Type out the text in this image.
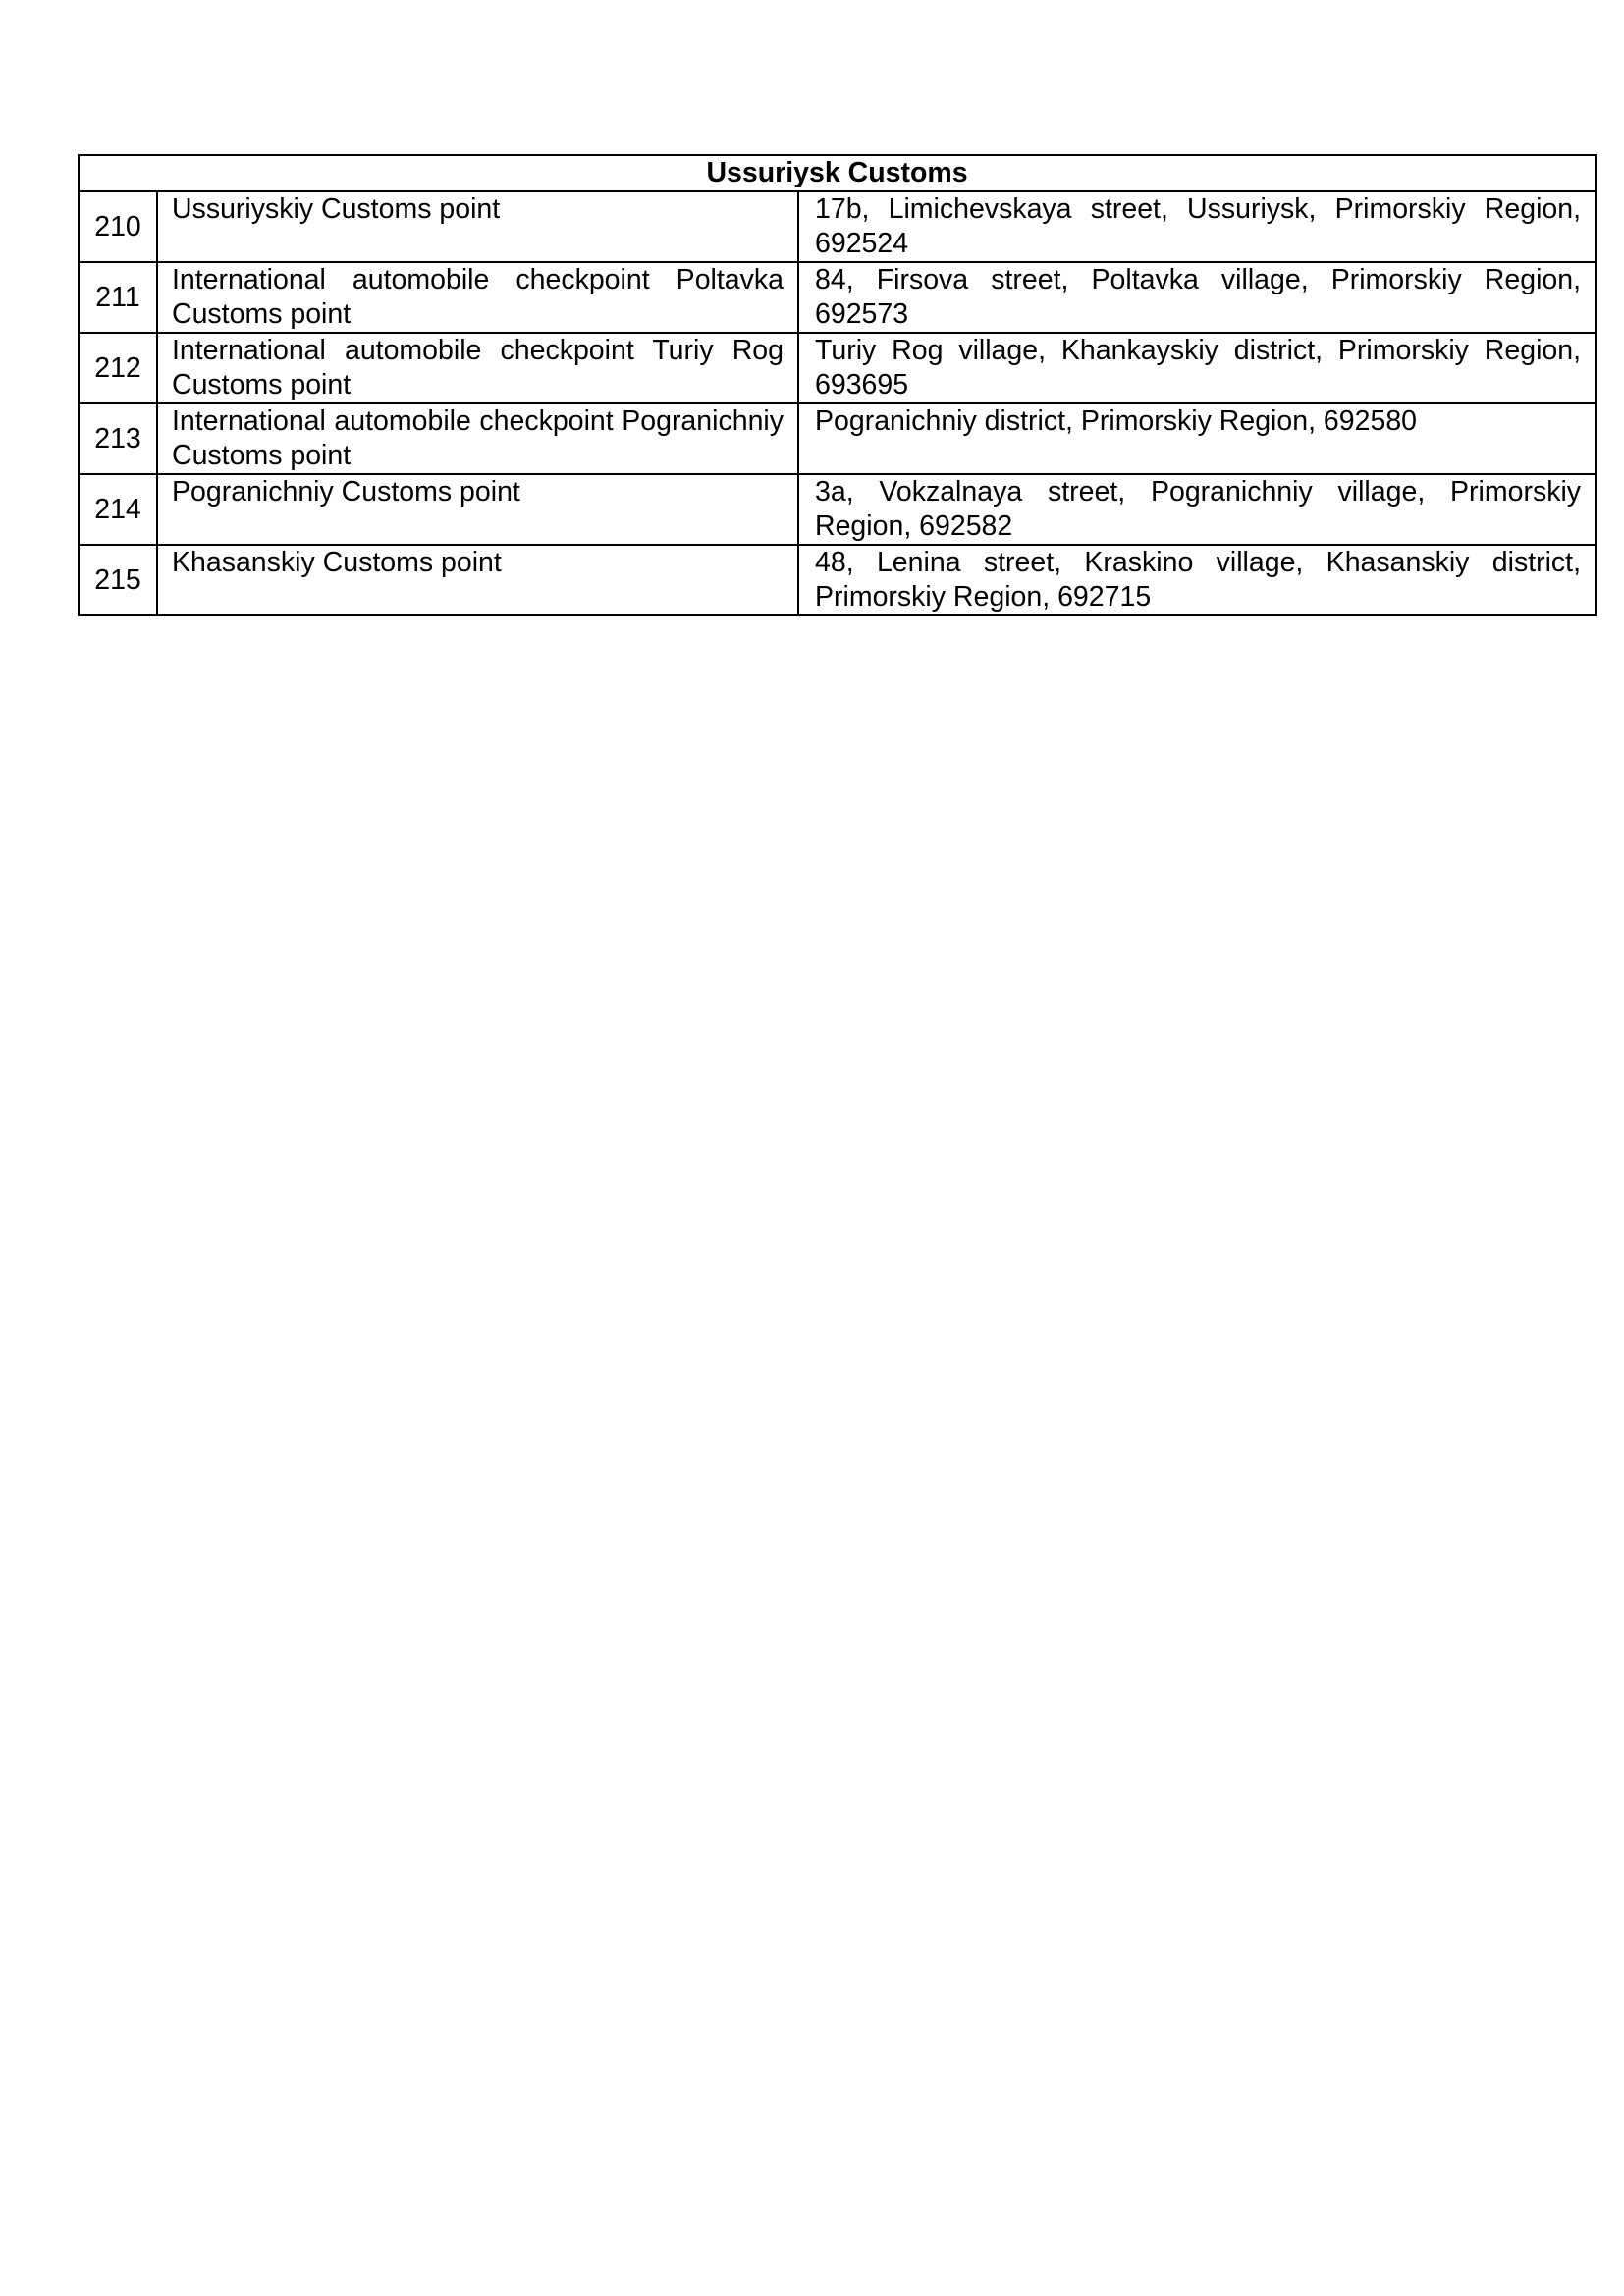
Ussuriysk Customs		
210	Ussuriyskiy Customs point	17b, Limichevskaya street, Ussuriysk, Primorskiy Region, 692524
211	International automobile checkpoint Poltavka Customs point	84, Firsova street, Poltavka village, Primorskiy Region, 692573
212	International automobile checkpoint Turiy Rog Customs point	Turiy Rog village, Khankayskiy district, Primorskiy Region, 693695
213	International automobile checkpoint Pogranichniy Customs point	Pogranichniy district, Primorskiy Region, 692580
214	Pogranichniy Customs point	3a, Vokzalnaya street, Pogranichniy village, Primorskiy Region, 692582
215	Khasanskiy Customs point	48, Lenina street, Kraskino village, Khasanskiy district, Primorskiy Region, 692715
